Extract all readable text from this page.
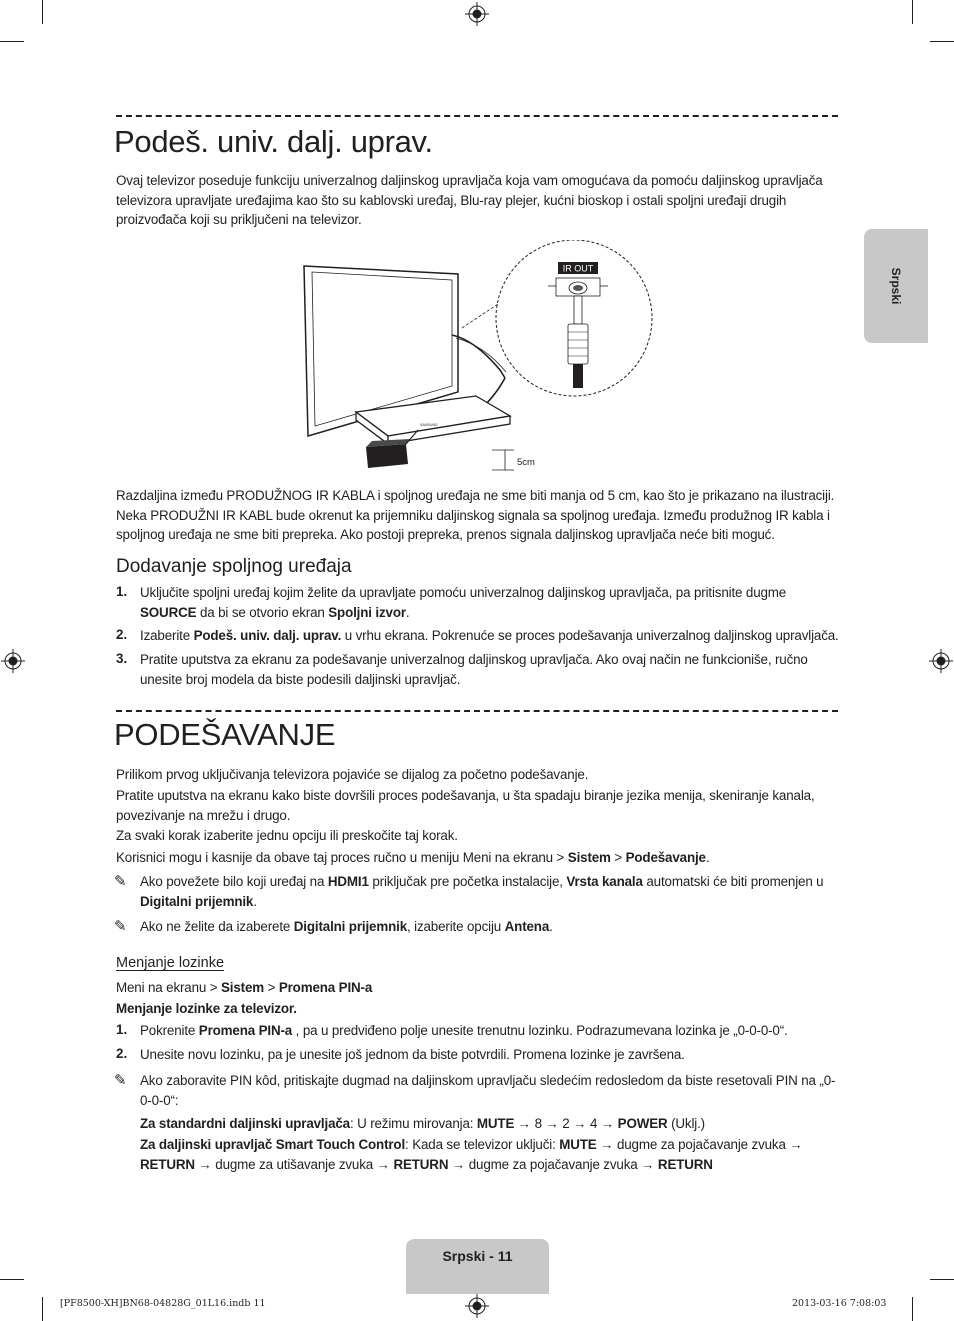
Srpski
Podeš. univ. dalj. uprav.

Ovaj televizor poseduje funkciju univerzalnog daljinskog upravljača koja vam omogućava da pomoću daljinskog upravljača televizora upravljate uređajima kao što su kablovski uređaj, Blu-ray plejer, kućni bioskop i ostali spoljni uređaji drugih proizvođača koji su priključeni na televizor.

SAMSUNG
5cm
IR OUT

Razdaljina između PRODUŽNOG IR KABLA i spoljnog uređaja ne sme biti manja od 5 cm, kao što je prikazano na ilustraciji. Neka PRODUŽNI IR KABL bude okrenut ka prijemniku daljinskog signala sa spoljnog uređaja. Između produžnog IR kabla i spoljnog uređaja ne sme biti prepreka. Ako postoji prepreka, prenos signala daljinskog upravljača neće biti moguć.

Dodavanje spoljnog uređaja
1. Uključite spoljni uređaj kojim želite da upravljate pomoću univerzalnog daljinskog upravljača, pa pritisnite dugme SOURCE da bi se otvorio ekran Spoljni izvor.

2. Izaberite Podeš. univ. dalj. uprav. u vrhu ekrana. Pokrenuće se proces podešavanja univerzalnog daljinskog upravljača.

3. Pratite uputstva za ekranu za podešavanje univerzalnog daljinskog upravljača. Ako ovaj način ne funkcioniše, ručno unesite broj modela da biste podesili daljinski upravljač.

PODEŠAVANJE

Prilikom prvog uključivanja televizora pojaviće se dijalog za početno podešavanje.

Pratite uputstva na ekranu kako biste dovršili proces podešavanja, u šta spadaju biranje jezika menija, skeniranje kanala, povezivanje na mrežu i drugo.

Za svaki korak izaberite jednu opciju ili preskočite taj korak.

Korisnici mogu i kasnije da obave taj proces ručno u meniju Meni na ekranu > Sistem > Podešavanje.

✎ Ako povežete bilo koji uređaj na HDMI1 priključak pre početka instalacije, Vrsta kanala automatski će biti promenjen u Digitalni prijemnik.

✎ Ako ne želite da izaberete Digitalni prijemnik, izaberite opciju Antena.

Menjanje lozinke

Meni na ekranu > Sistem > Promena PIN-a

Menjanje lozinke za televizor.

1. Pokrenite Promena PIN-a , pa u predviđeno polje unesite trenutnu lozinku. Podrazumevana lozinka je „0-0-0-0“.

2. Unesite novu lozinku, pa je unesite još jednom da biste potvrdili. Promena lozinke je završena.

✎ Ako zaboravite PIN kôd, pritiskajte dugmad na daljinskom upravljaču sledećim redosledom da biste resetovali PIN na „0-0-0-0“:

Za standardni daljinski upravljača: U režimu mirovanja: MUTE → 8 → 2 → 4 → POWER (Uklj.)

Za daljinski upravljač Smart Touch Control: Kada se televizor uključi: MUTE → dugme za pojačavanje zvuka →
RETURN → dugme za utišavanje zvuka → RETURN → dugme za pojačavanje zvuka → RETURN

Srpski - 11
[PF8500-XH]BN68-04828G_01L16.indb 11	2013-03-16 ￼7:08:03
